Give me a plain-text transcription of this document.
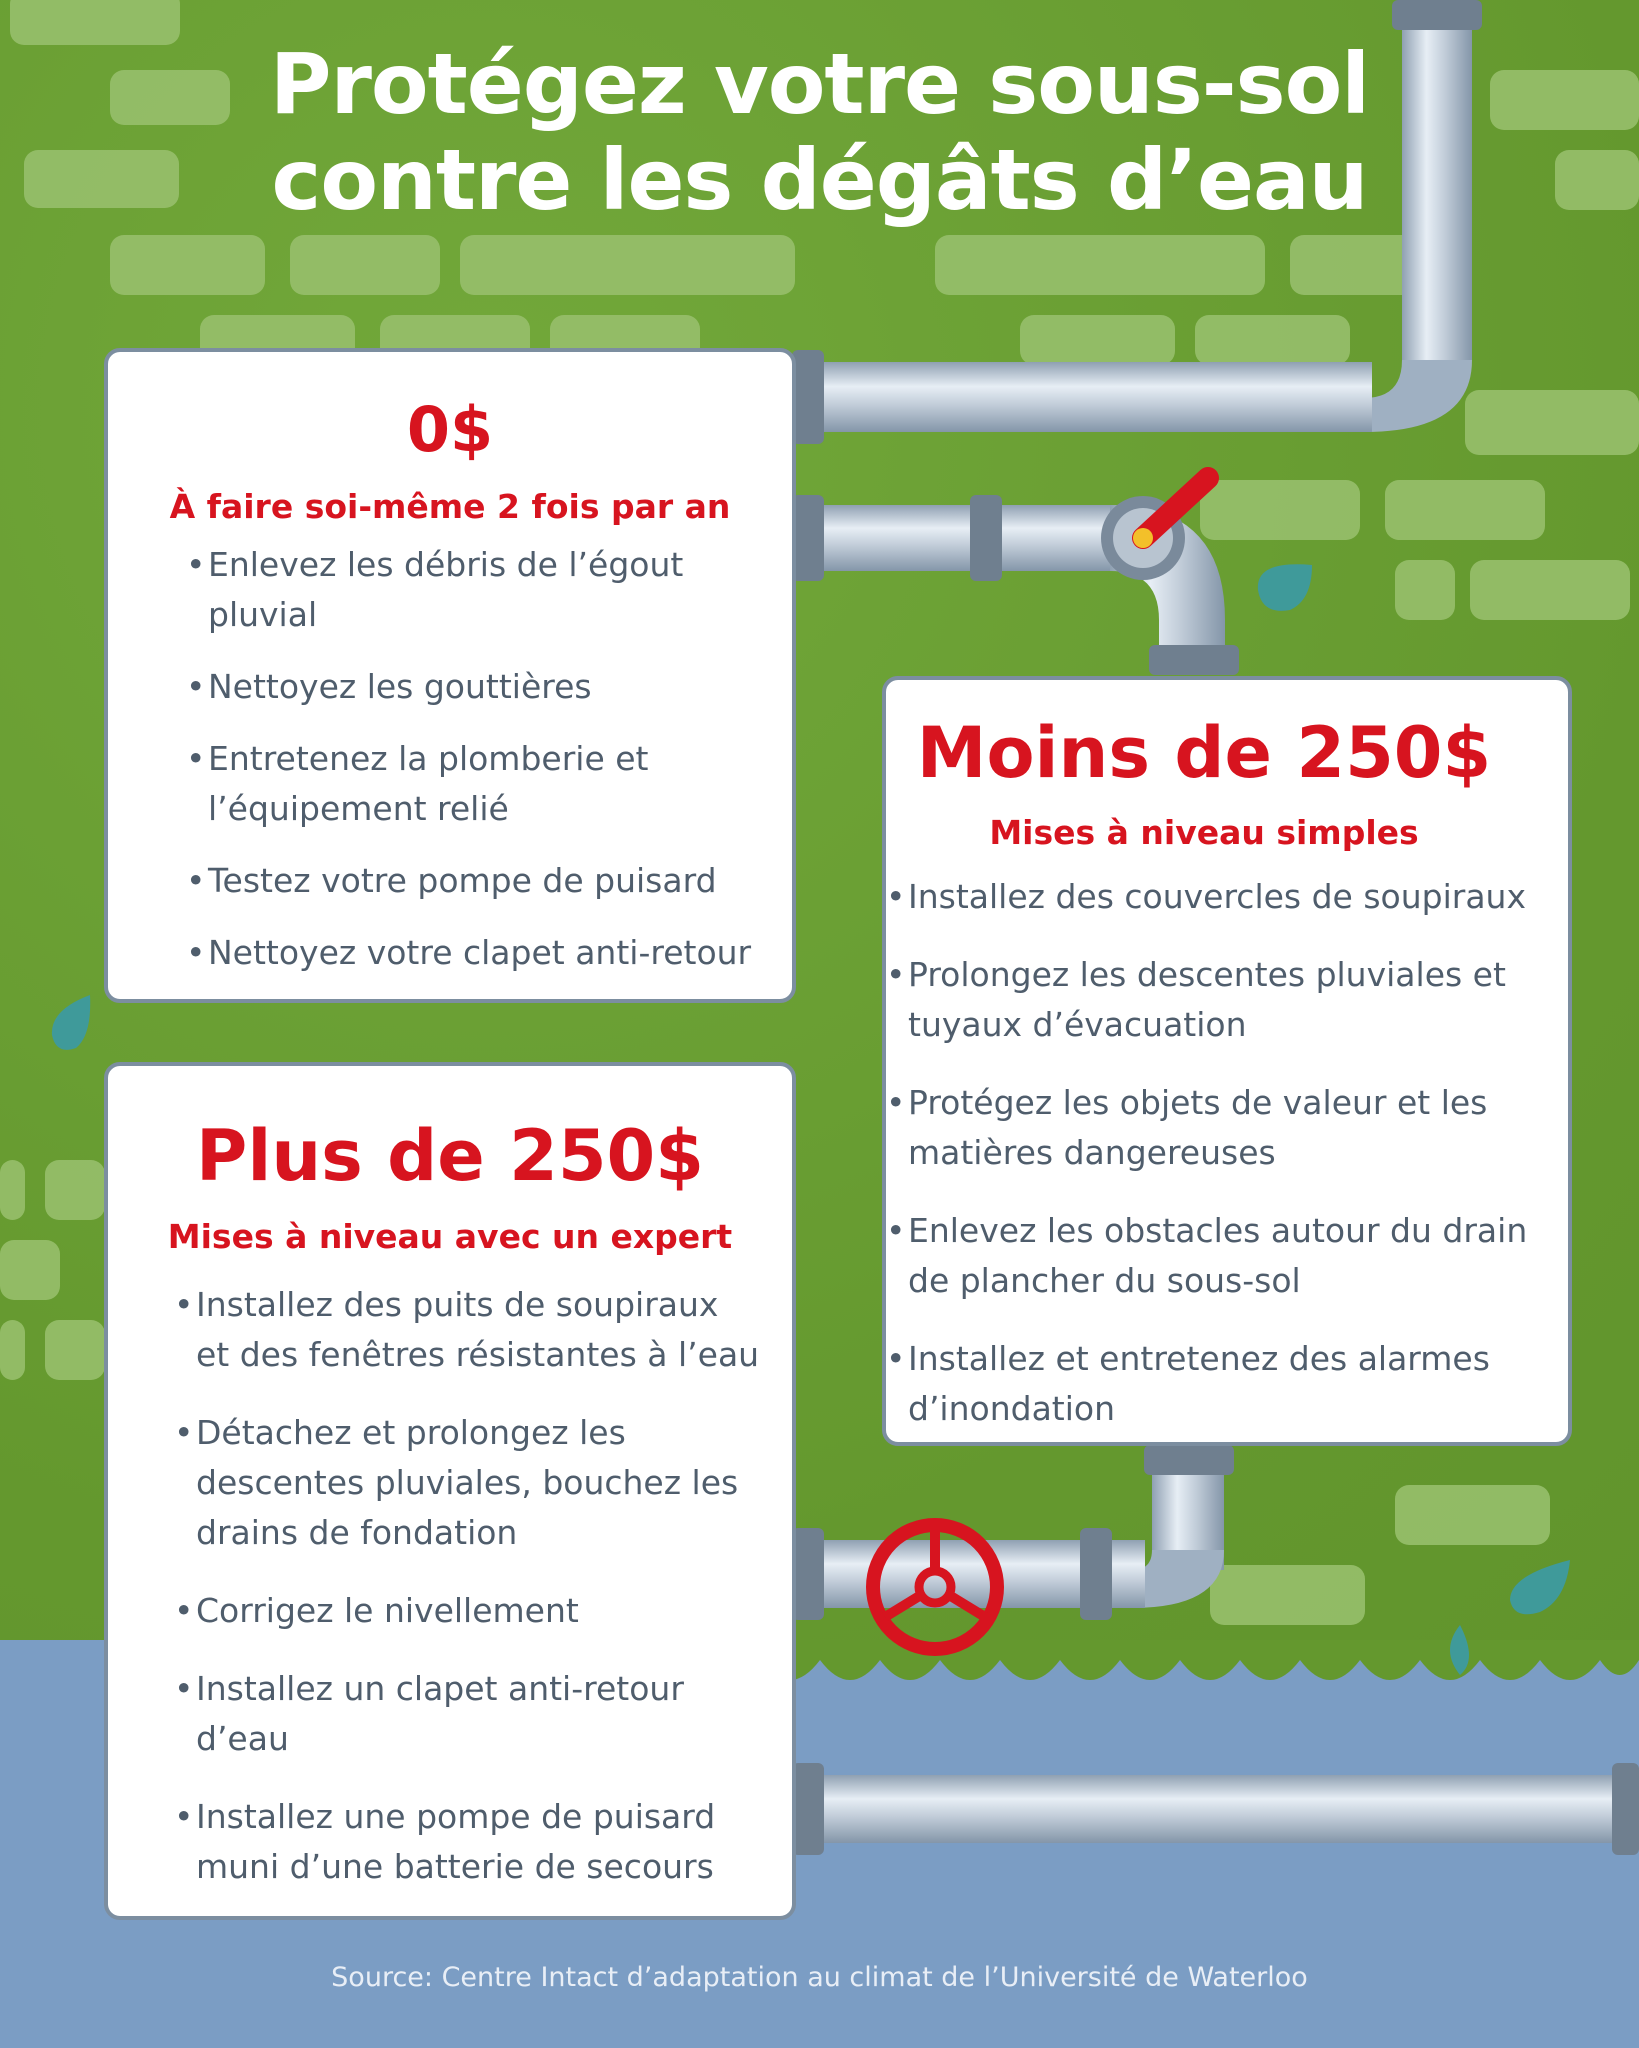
Protégez votre sous-sol
contre les dégâts d’eau
0$
À faire soi-même 2 fois par an
• Enlevez les débris de l’égout pluvial
• Nettoyez les gouttières
• Entretenez la plomberie et l’équipement relié
• Testez votre pompe de puisard
• Nettoyez votre clapet anti-retour
Moins de 250$
Mises à niveau simples
• Installez des couvercles de soupiraux
• Prolongez les descentes pluviales et tuyaux d’évacuation
• Protégez les objets de valeur et les matières dangereuses
• Enlevez les obstacles autour du drain de plancher du sous-sol
• Installez et entretenez des alarmes d’inondation
Plus de 250$
Mises à niveau avec un expert
• Installez des puits de soupiraux et des fenêtres résistantes à l’eau
• Détachez et prolongez les descentes pluviales, bouchez les drains de fondation
• Corrigez le nivellement
• Installez un clapet anti-retour d’eau
• Installez une pompe de puisard muni d’une batterie de secours
Source: Centre Intact d’adaptation au climat de l’Université de Waterloo
